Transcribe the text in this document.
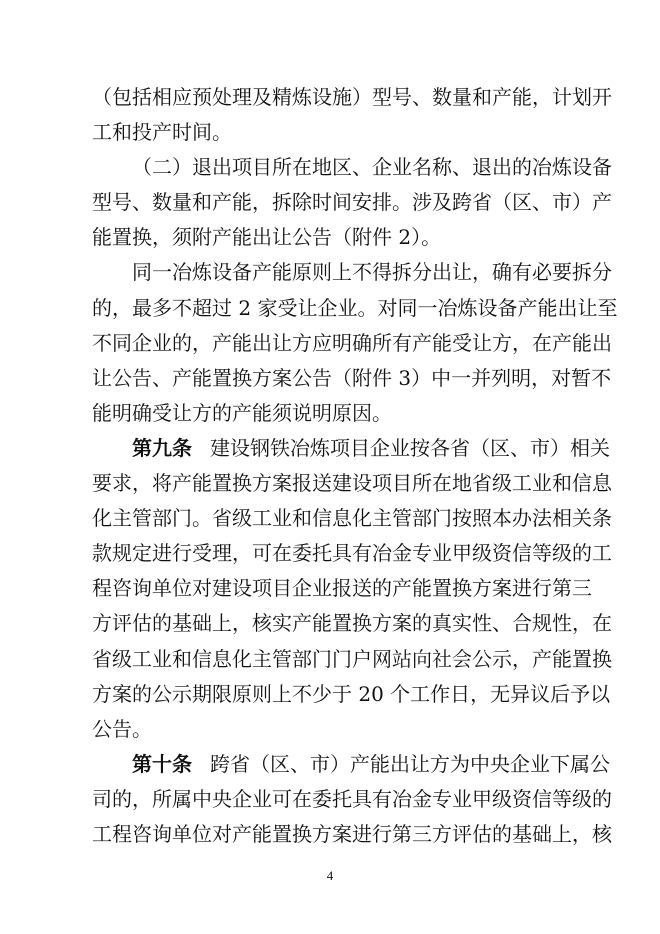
（包括相应预处理及精炼设施）型号、数量和产能，计划开
工和投产时间。
（二）退出项目所在地区、企业名称、退出的冶炼设备
型号、数量和产能，拆除时间安排。涉及跨省（区、市）产
能置换，须附产能出让公告（附件 2）。
同一冶炼设备产能原则上不得拆分出让，确有必要拆分
的，最多不超过 2 家受让企业。对同一冶炼设备产能出让至
不同企业的，产能出让方应明确所有产能受让方，在产能出
让公告、产能置换方案公告（附件 3）中一并列明，对暂不
能明确受让方的产能须说明原因。
第九条 建设钢铁冶炼项目企业按各省（区、市）相关
要求，将产能置换方案报送建设项目所在地省级工业和信息
化主管部门。省级工业和信息化主管部门按照本办法相关条
款规定进行受理，可在委托具有冶金专业甲级资信等级的工
程咨询单位对建设项目企业报送的产能置换方案进行第三
方评估的基础上，核实产能置换方案的真实性、合规性，在
省级工业和信息化主管部门门户网站向社会公示，产能置换
方案的公示期限原则上不少于 20 个工作日，无异议后予以
公告。
第十条 跨省（区、市）产能出让方为中央企业下属公
司的，所属中央企业可在委托具有冶金专业甲级资信等级的
工程咨询单位对产能置换方案进行第三方评估的基础上，核
4
